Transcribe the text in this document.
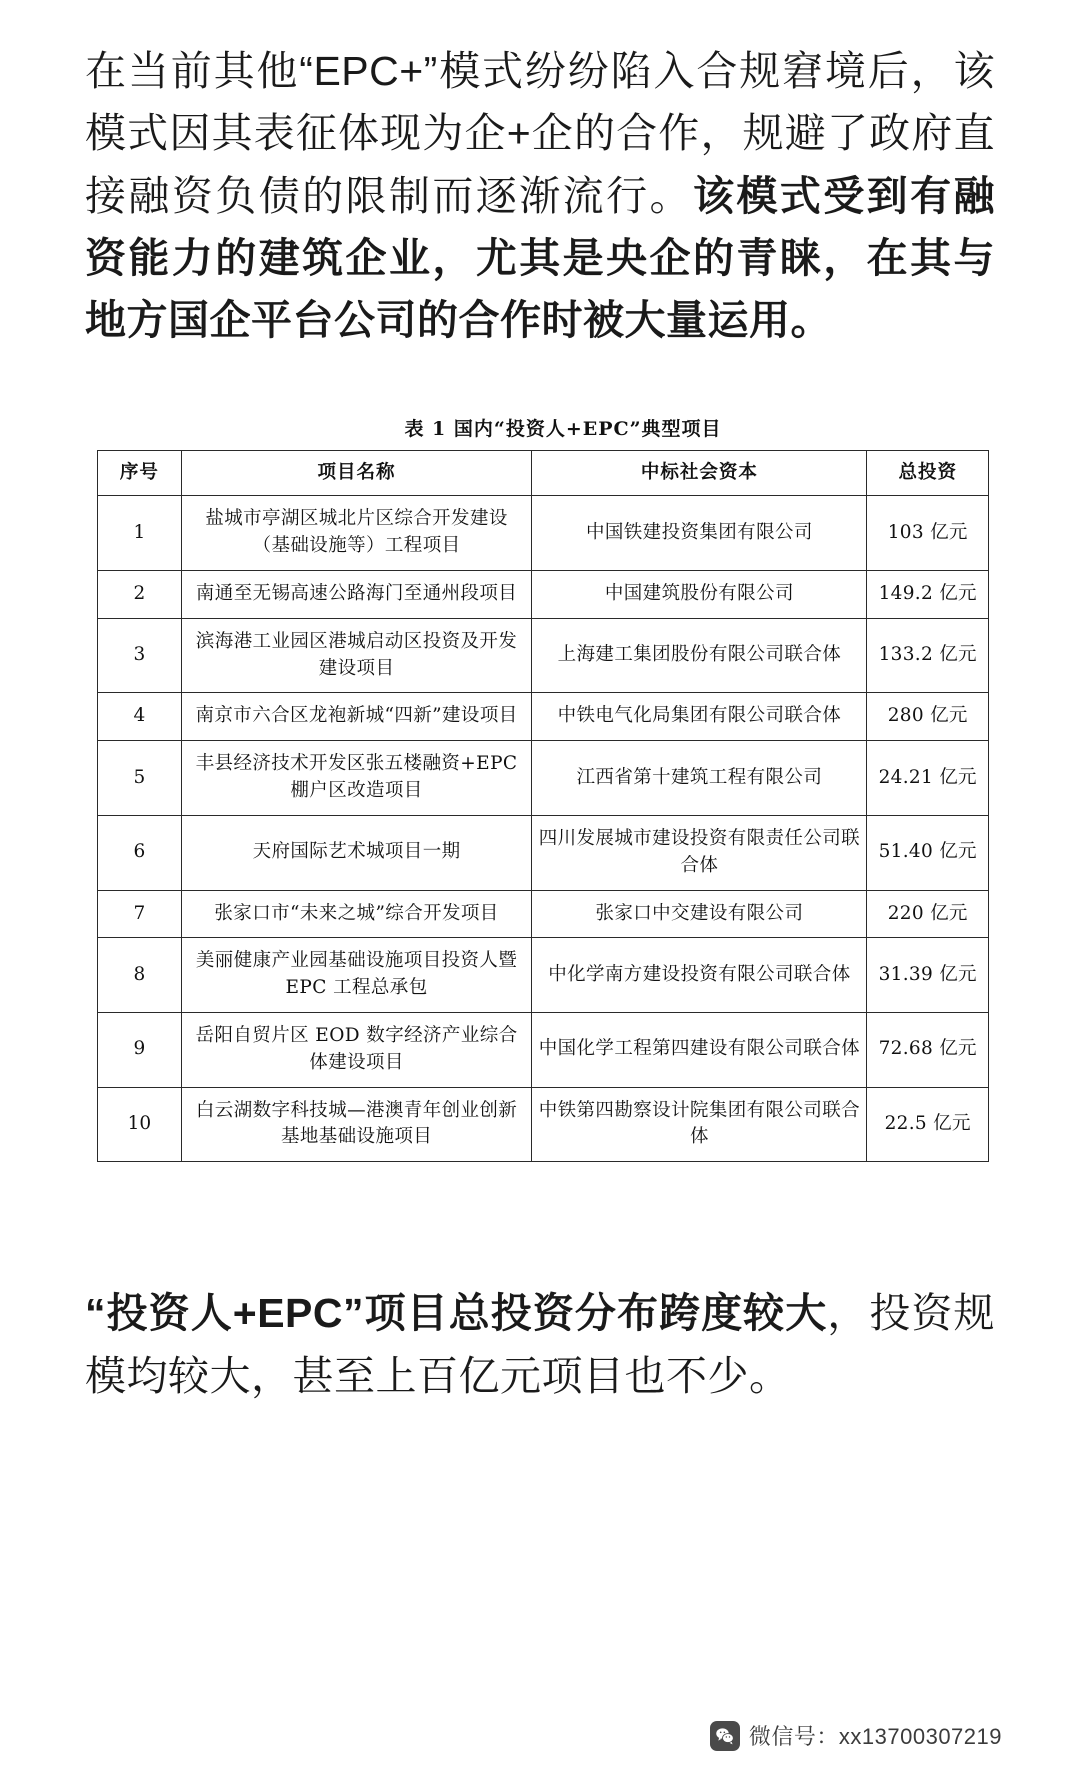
在当前其他“EPC+”模式纷纷陷入合规窘境后，该模式因其表征体现为企+企的合作，规避了政府直接融资负债的限制而逐渐流行。该模式受到有融资能力的建筑企业，尤其是央企的青睐，在其与地方国企平台公司的合作时被大量运用。

表 1 国内“投资人+EPC”典型项目
序号	项目名称	中标社会资本	总投资
1	盐城市亭湖区城北片区综合开发建设（基础设施等）工程项目	中国铁建投资集团有限公司	103 亿元
2	南通至无锡高速公路海门至通州段项目	中国建筑股份有限公司	149.2 亿元
3	滨海港工业园区港城启动区投资及开发建设项目	上海建工集团股份有限公司联合体	133.2 亿元
4	南京市六合区龙袍新城“四新”建设项目	中铁电气化局集团有限公司联合体	280 亿元
5	丰县经济技术开发区张五楼融资+EPC 棚户区改造项目	江西省第十建筑工程有限公司	24.21 亿元
6	天府国际艺术城项目一期	四川发展城市建设投资有限责任公司联合体	51.40 亿元
7	张家口市“未来之城”综合开发项目	张家口中交建设有限公司	220 亿元
8	美丽健康产业园基础设施项目投资人暨 EPC 工程总承包	中化学南方建设投资有限公司联合体	31.39 亿元
9	岳阳自贸片区 EOD 数字经济产业综合体建设项目	中国化学工程第四建设有限公司联合体	72.68 亿元
10	白云湖数字科技城—港澳青年创业创新基地基础设施项目	中铁第四勘察设计院集团有限公司联合体	22.5 亿元

“投资人+EPC”项目总投资分布跨度较大，投资规模均较大，甚至上百亿元项目也不少。

微信号：xx13700307219
